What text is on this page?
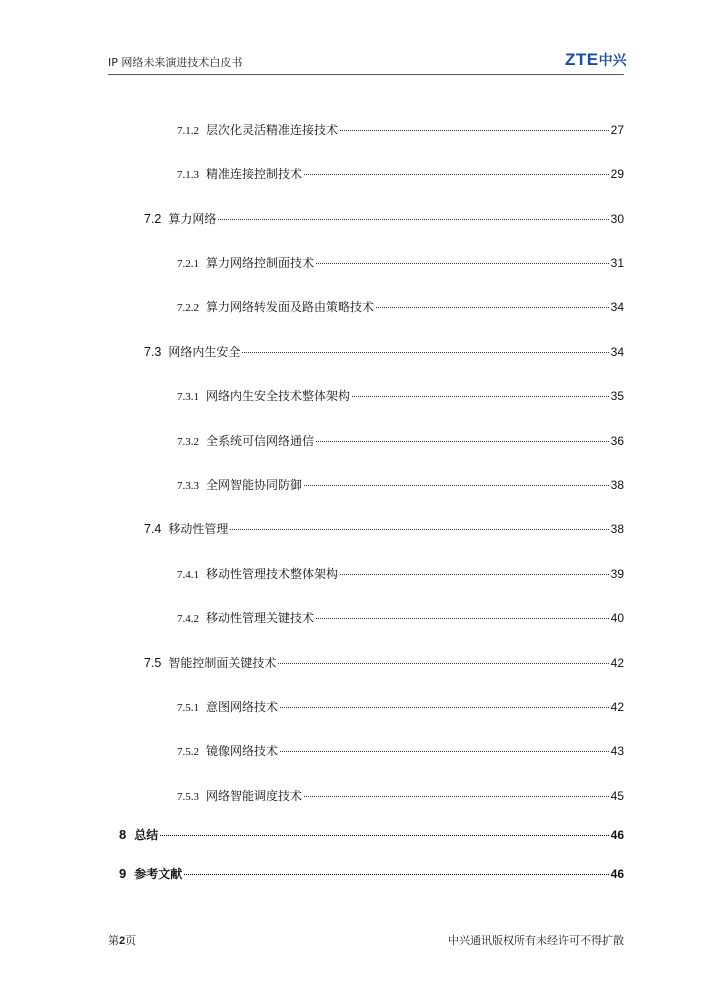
IP 网络未来演进技术白皮书	ZTE中兴
7.1.2 层次化灵活精准连接技术	27
7.1.3 精准连接控制技术	29
7.2 算力网络	30
7.2.1 算力网络控制面技术	31
7.2.2 算力网络转发面及路由策略技术	34
7.3 网络内生安全	34
7.3.1 网络内生安全技术整体架构	35
7.3.2 全系统可信网络通信	36
7.3.3 全网智能协同防御	38
7.4 移动性管理	38
7.4.1 移动性管理技术整体架构	39
7.4.2 移动性管理关键技术	40
7.5 智能控制面关键技术	42
7.5.1 意图网络技术	42
7.5.2 镜像网络技术	43
7.5.3 网络智能调度技术	45
8 总结	46
9 参考文献	46
第2页	中兴通讯版权所有未经许可不得扩散
